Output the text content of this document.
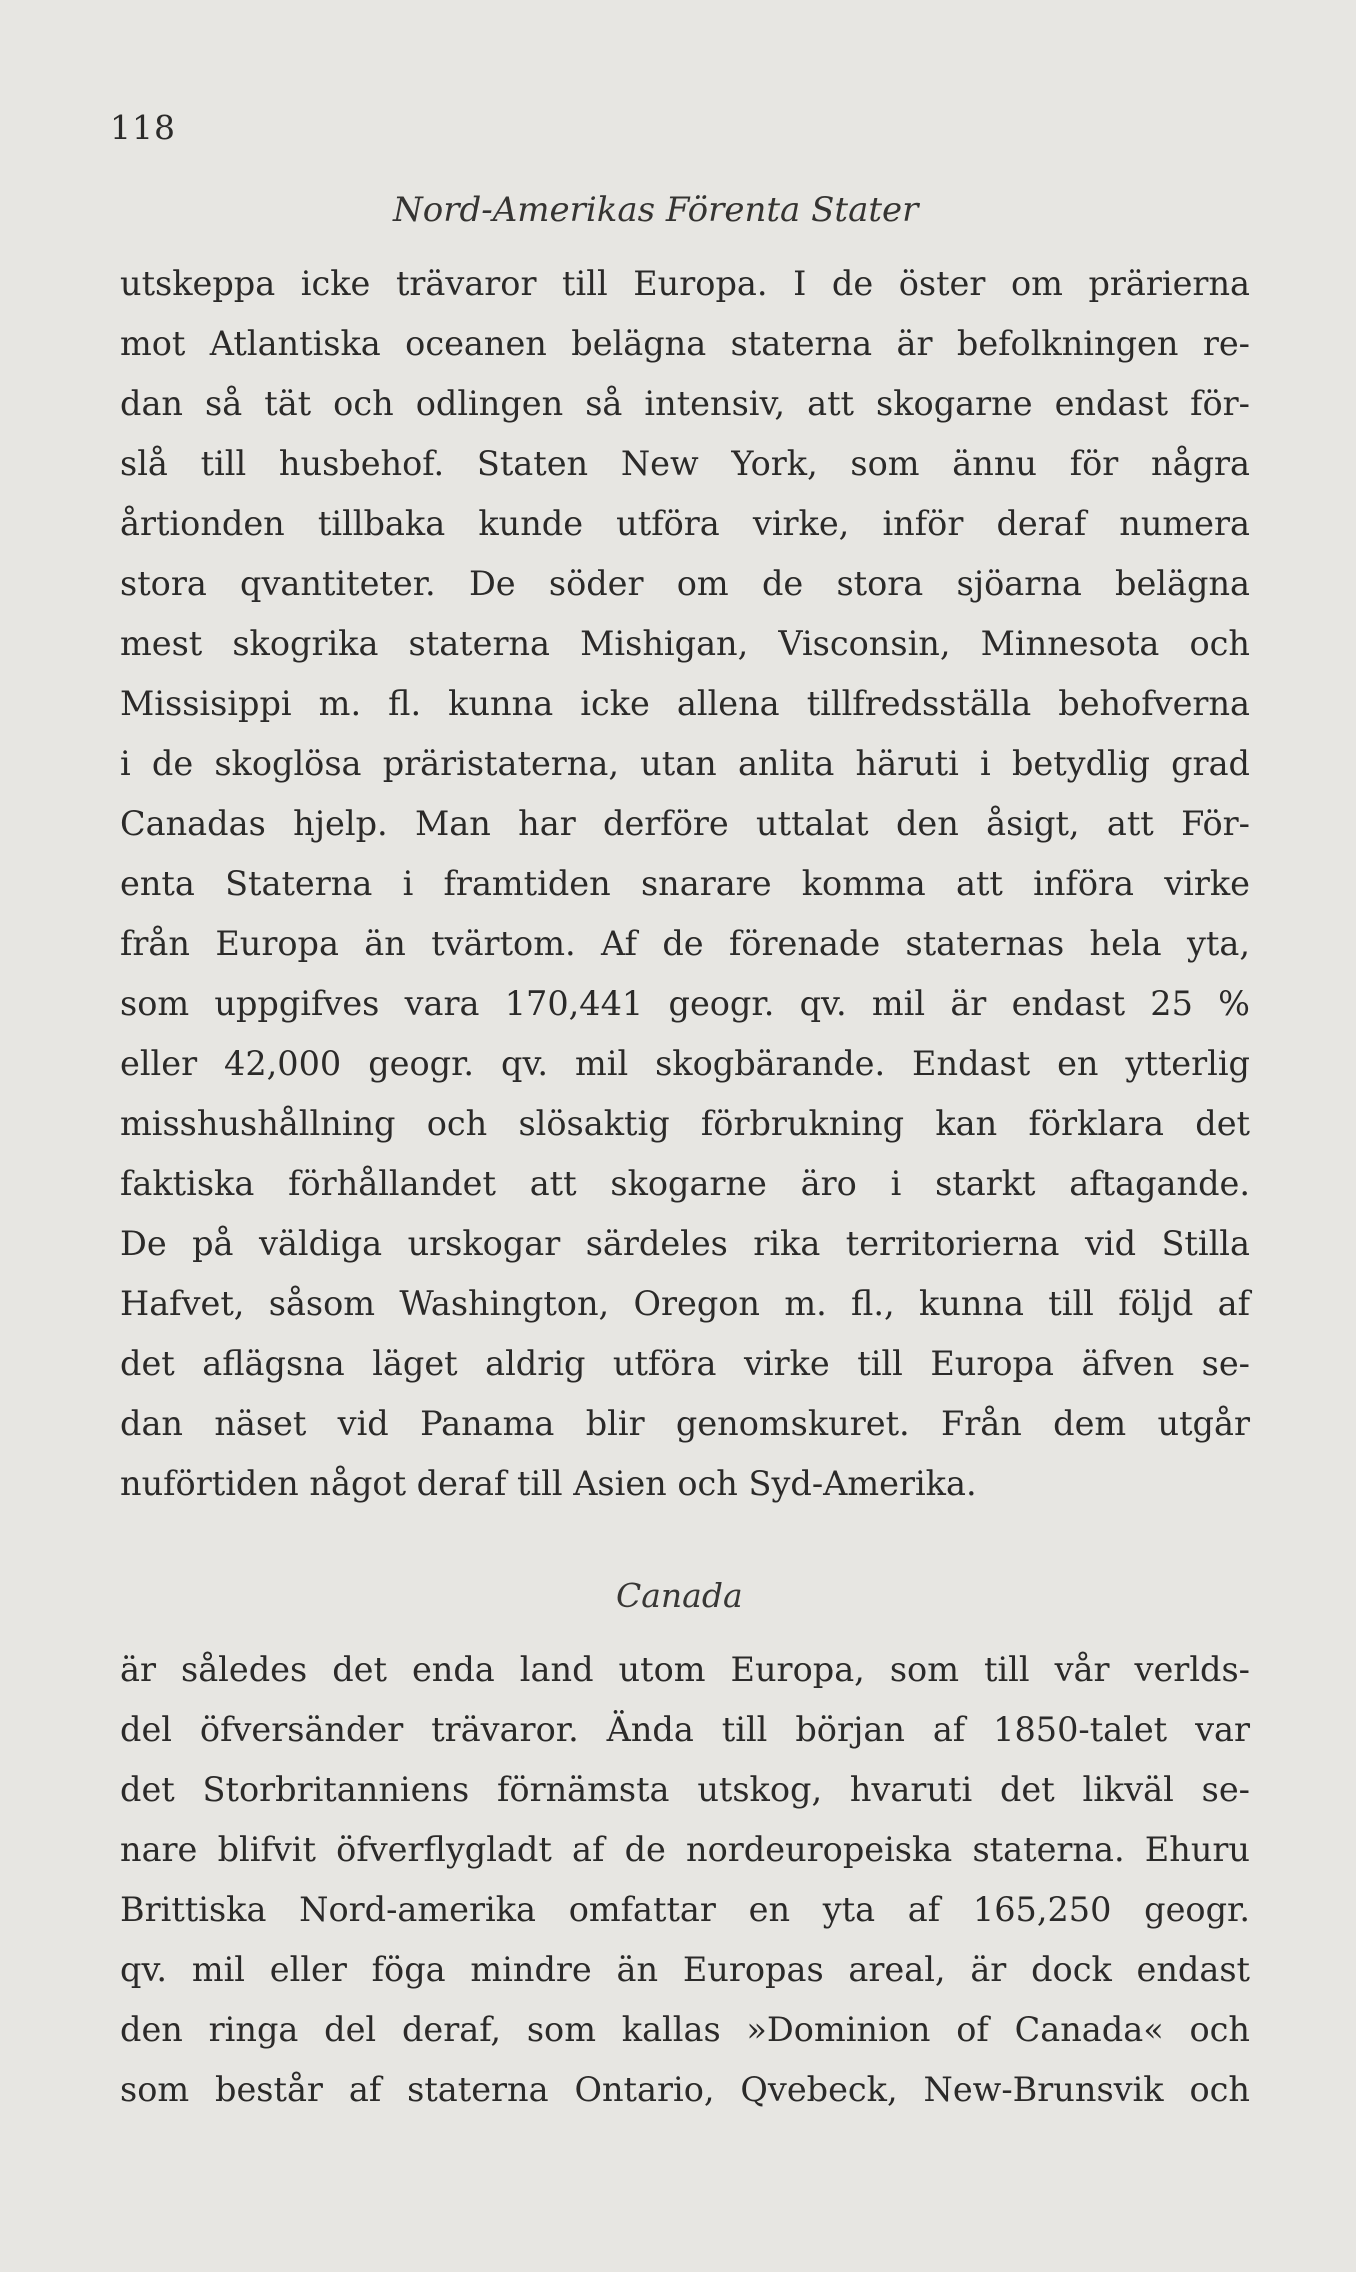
118
Nord-Amerikas Förenta Stater
utskeppa icke trävaror till Europa. I de öster om prärierna
mot Atlantiska oceanen belägna staterna är befolkningen re-
dan så tät och odlingen så intensiv, att skogarne endast för-
slå till husbehof. Staten New York, som ännu för några
årtionden tillbaka kunde utföra virke, inför deraf numera
stora qvantiteter. De söder om de stora sjöarna belägna
mest skogrika staterna Mishigan, Visconsin, Minnesota och
Missisippi m. fl. kunna icke allena tillfredsställa behofverna
i de skoglösa präristaterna, utan anlita häruti i betydlig grad
Canadas hjelp. Man har derföre uttalat den åsigt, att För-
enta Staterna i framtiden snarare komma att införa virke
från Europa än tvärtom. Af de förenade staternas hela yta,
som uppgifves vara 170,441 geogr. qv. mil är endast 25 %
eller 42,000 geogr. qv. mil skogbärande. Endast en ytterlig
misshushållning och slösaktig förbrukning kan förklara det
faktiska förhållandet att skogarne äro i starkt aftagande.
De på väldiga urskogar särdeles rika territorierna vid Stilla
Hafvet, såsom Washington, Oregon m. fl., kunna till följd af
det aflägsna läget aldrig utföra virke till Europa äfven se-
dan näset vid Panama blir genomskuret. Från dem utgår
nuförtiden något deraf till Asien och Syd-Amerika.
Canada
är således det enda land utom Europa, som till vår verlds-
del öfversänder trävaror. Ända till början af 1850-talet var
det Storbritanniens förnämsta utskog, hvaruti det likväl se-
nare blifvit öfverflygladt af de nordeuropeiska staterna. Ehuru
Brittiska Nord-amerika omfattar en yta af 165,250 geogr.
qv. mil eller föga mindre än Europas areal, är dock endast
den ringa del deraf, som kallas »Dominion of Canada« och
som består af staterna Ontario, Qvebeck, New-Brunsvik och
